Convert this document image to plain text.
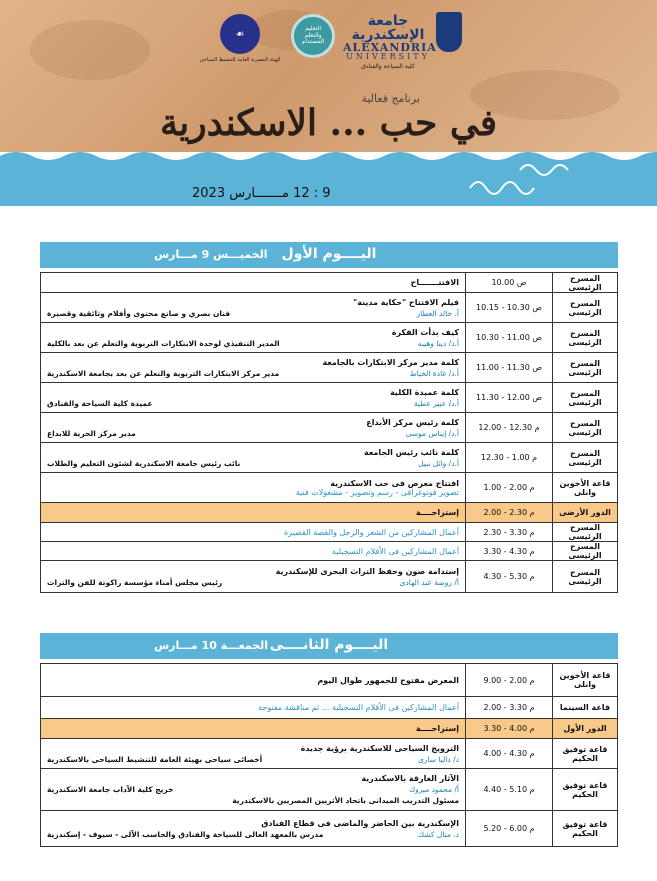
☙
الهيئة المصرية العامة للتنشيط السياحي
التعليم والتعلم المستدام
جامعة الإسكندرية
ALEXANDRIA
UNIVERSITY
كلية السياحة والفنادق
برنامج فعالية
في حب ... الاسكندرية
9 : 12 مـــــــارس 2023
اليــــوم الأول
الخميـــس 9 مـــارس
المسرح الرئيسى	10.00 ص	الافتتـــــــاح

المسرح الرئيسى	10.15 - 10.30 ص	فيلم الافتتاح "حكاية مدينة"
أ. خالد العطار
فنان بصري و صانع محتوى وأفلام وثائقية وقصيرة

المسرح الرئيسى	10.30 - 11.00 ص	كيف بدأت الفكرة
أ.د/ دينا وهيبه
المدير التنفيذي لوحدة الابتكارات التربوية والتعلم عن بعد بالكلية

المسرح الرئيسى	11.00 - 11.30 ص	كلمة مدير مركز الابتكارات بالجامعة
أ.د/ غادة الخياط
مدير مركز الابتكارات التربوية والتعلم عن بعد بجامعة الاسكندرية

المسرح الرئيسى	11.30 - 12.00 ص	كلمة عميدة الكلية
أ.د/ عبير عطية
عميدة كلية السياحة والفنادق

المسرح الرئيسى	12.00 - 12.30 م	كلمة رئيس مركز الأبداع
أ.د/ إيناس موسى
مدير مركز الحرية للابداع

المسرح الرئيسى	12.30 - 1.00 م	كلمة نائب رئيس الجامعة
أ.د/ وائل نبيل
نائب رئيس جامعة الاسكندرية لشئون التعليم والطلاب

قاعة الأخوين وانلى	1.00 - 2.00 م	افتتاح معرض فى حب الاسكندرية
تصوير فوتوغرافى - رسم وتصوير - مشغولات فنية

الدور الأرضى	2.00 - 2.30 م	إستراحــــة

المسرح الرئيسى	2.30 - 3.30 م	أعمال المشاركين من الشعر والزجل والقصة القصيرة

المسرح الرئيسى	3.30 - 4.30 م	أعمال المشاركين فى الأفلام التسجيلية

المسرح الرئيسى	4.30 - 5.30 م	إستدامة صون وحفظ التراث البحرى للإسكندرية
أ/ روضة عبد الهادى
رئيس مجلس أمناء مؤسسة راكوتة للفن والتراث
اليــــوم الثانــــى
الجمعـــة 10 مـــارس
قاعة الأخوين وانلى	9.00 - 2.00 م	المعرض مفتوح للجمهور طوال اليوم

قاعة السينما	2.00 - 3.30 م	أعمال المشاركين فى الأفلام التسجيلية ... ثم مناقشة مفتوحة

الدور الأول	3.30 - 4.00 م	إستراحــــة

قاعة توفيق الحكيم	4.00 - 4.30 م	الترويج السياحى للاسكندرية برؤية جديدة
د/ داليا سارى
أخصائى سياحى بهيئة العامة للتنشيط السياحى بالاسكندرية

قاعة توفيق الحكيم	4.40 - 5.10 م	الآثار الغارقة بالاسكندرية
أ/ محمود مبروك
خريج كلية الآداب جامعة الاسكندرية
مسئول التدريب الميدانى باتحاد الأثريين المصريين بالاسكندرية

قاعة توفيق الحكيم	5.20 - 6.00 م	الإسكندرية بين الحاضر والماضى فى قطاع الفنادق
د. منال كشك
مدرس بالمعهد العالى للسياحة والفنادق والحاسب الآلى - سيوف - إسكندرية
